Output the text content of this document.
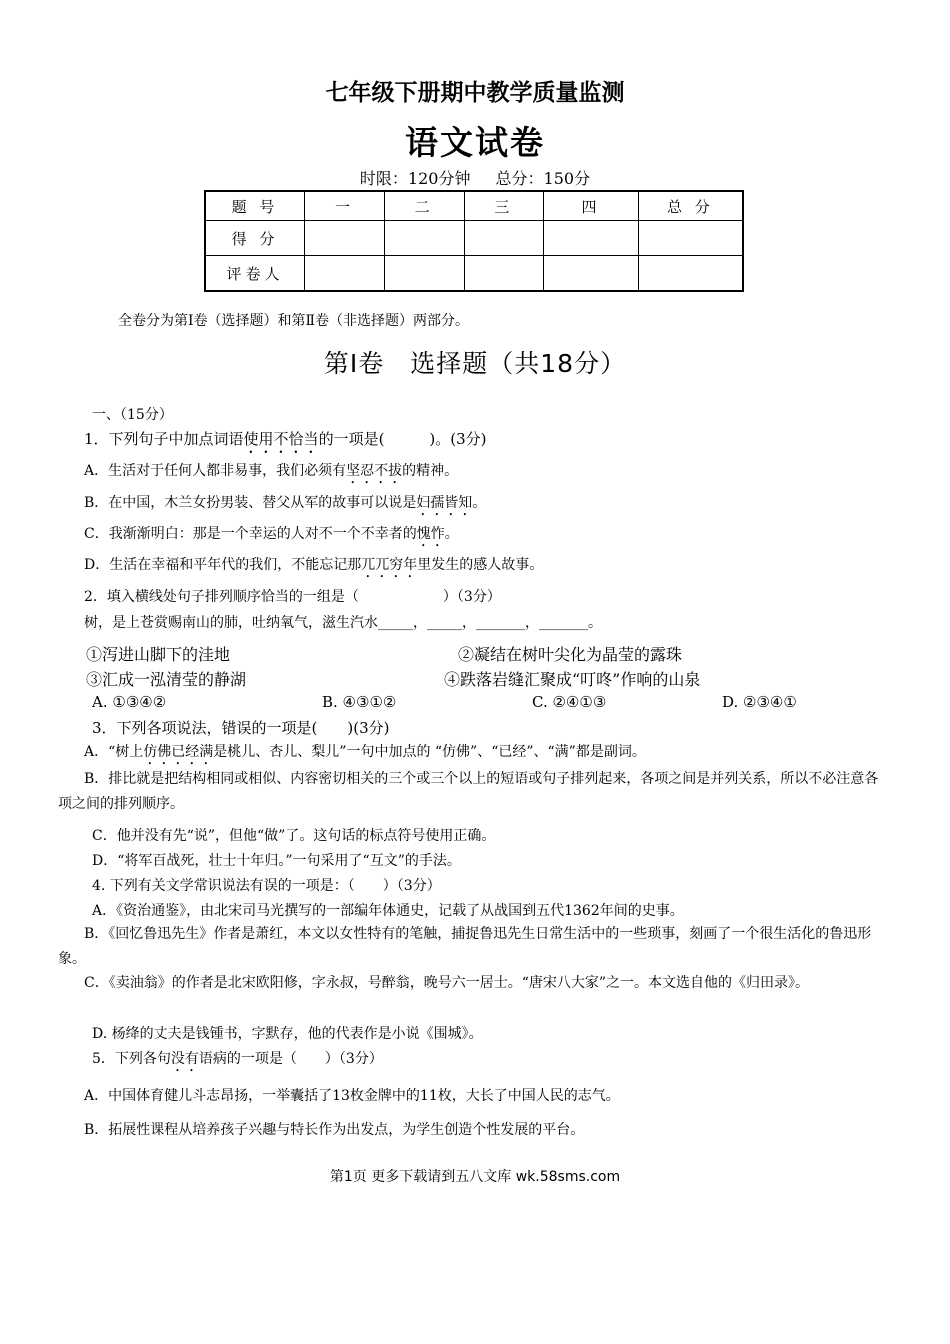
七年级下册期中教学质量监测
语文试卷
时限：120分钟 总分：150分
题 号	一	二	三	四	总 分
得 分					
评卷人					
全卷分为第Ⅰ卷（选择题）和第Ⅱ卷（非选择题）两部分。
第Ⅰ卷　选择题（共18分）
一、（15分）
1．下列句子中加点词语使用不恰当的一项是(　　　)。(3分)
A．生活对于任何人都非易事，我们必须有坚忍不拔的精神。
B．在中国，木兰女扮男装、替父从军的故事可以说是妇孺皆知。
C．我渐渐明白：那是一个幸运的人对不一个不幸者的愧怍。
D．生活在幸福和平年代的我们，不能忘记那兀兀穷年里发生的感人故事。
2．填入横线处句子排列顺序恰当的一组是（　　　　　　）（3分）
树，是上苍赏赐南山的肺，吐纳氧气，滋生汽水_____，_____，_______，_______。
①泻进山脚下的洼地	②凝结在树叶尖化为晶莹的露珠
③汇成一泓清莹的静湖	④跌落岩缝汇聚成“叮咚”作响的山泉
A. ①③④②	B. ④③①②	C. ②④①③	D. ②③④①
3．下列各项说法，错误的一项是(　　)(3分)
A．“树上仿佛已经满是桃儿、杏儿、梨儿”一句中加点的 “仿佛”、“已经”、“满”都是副词。
B．排比就是把结构相同或相似、内容密切相关的三个或三个以上的短语或句子排列起来，各项之间是并列关系，所以不必注意各项之间的排列顺序。
C．他并没有先“说”，但他“做”了。这句话的标点符号使用正确。
D．“将军百战死，壮士十年归。”一句采用了“互文”的手法。
4. 下列有关文学常识说法有误的一项是：（　　）（3分）
A．《资治通鉴》，由北宋司马光撰写的一部编年体通史，记载了从战国到五代1362年间的史事。
B．《回忆鲁迅先生》作者是萧红，本文以女性特有的笔触，捕捉鲁迅先生日常生活中的一些琐事，刻画了一个很生活化的鲁迅形象。
C．《卖油翁》的作者是北宋欧阳修，字永叔，号醉翁，晚号六一居士。“唐宋八大家”之一。本文选自他的《归田录》。
D. 杨绛的丈夫是钱锺书，字默存，他的代表作是小说《围城》。
5．下列各句没有语病的一项是（　　）（3分）
A．中国体育健儿斗志昂扬，一举囊括了13枚金牌中的11枚，大长了中国人民的志气。
B．拓展性课程从培养孩子兴趣与特长作为出发点，为学生创造个性发展的平台。
第1页 更多下载请到五八文库 wk.58sms.com
